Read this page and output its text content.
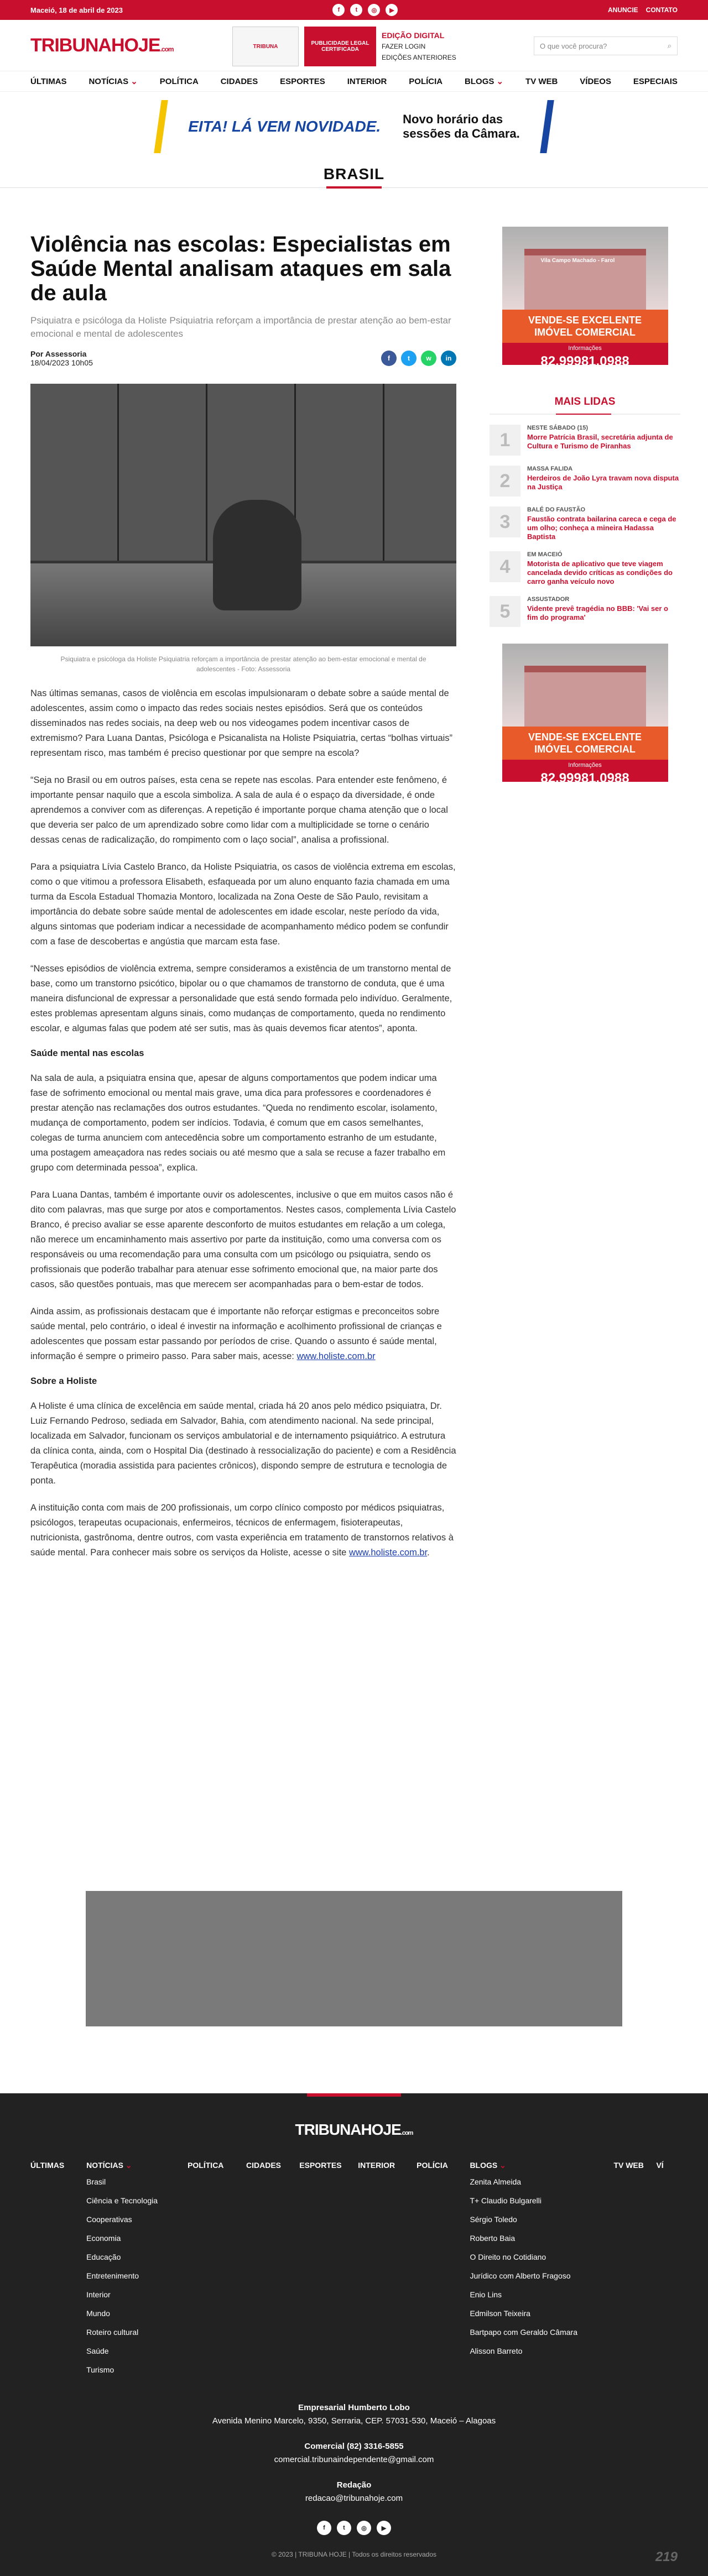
Maceió, 18 de abril de 2023	f	t	◎	▶	ANUNCIE CONTATO
TRIBUNAHOJE.com	TRIBUNA	PUBLICIDADE LEGAL CERTIFICADA
EDIÇÃO DIGITAL
FAZER LOGIN
EDIÇÕES ANTERIORES
O que você procura?	⌕
ÚLTIMAS	NOTÍCIAS ⌄	POLÍTICA	CIDADES	ESPORTES	INTERIOR	POLÍCIA	BLOGS ⌄	TV WEB	VÍDEOS	ESPECIAIS
EITA! LÁ VEM NOVIDADE. Novo horário das
sessões da Câmara.
BRASIL
Violência nas escolas: Especialistas em Saúde Mental analisam ataques em sala de aula
Psiquiatra e psicóloga da Holiste Psiquiatria reforçam a importância de prestar atenção ao bem-estar emocional e mental de adolescentes
Por Assessoria
18/04/2023 10h05	f	t	w	in
Psiquiatra e psicóloga da Holiste Psiquiatria reforçam a importância de prestar atenção ao bem-estar emocional e mental de adolescentes - Foto: Assessoria

Nas últimas semanas, casos de violência em escolas impulsionaram o debate sobre a saúde mental de adolescentes, assim como o impacto das redes sociais nestes episódios. Será que os conteúdos disseminados nas redes sociais, na deep web ou nos videogames podem incentivar casos de extremismo? Para Luana Dantas, Psicóloga e Psicanalista na Holiste Psiquiatria, certas “bolhas virtuais” representam risco, mas também é preciso questionar por que sempre na escola?

“Seja no Brasil ou em outros países, esta cena se repete nas escolas. Para entender este fenômeno, é importante pensar naquilo que a escola simboliza. A sala de aula é o espaço da diversidade, é onde aprendemos a conviver com as diferenças. A repetição é importante porque chama atenção que o local que deveria ser palco de um aprendizado sobre como lidar com a multiplicidade se torne o cenário dessas cenas de radicalização, do rompimento com o laço social”, analisa a profissional.

Para a psiquiatra Lívia Castelo Branco, da Holiste Psiquiatria, os casos de violência extrema em escolas, como o que vitimou a professora Elisabeth, esfaqueada por um aluno enquanto fazia chamada em uma turma da Escola Estadual Thomazia Montoro, localizada na Zona Oeste de São Paulo, revisitam a importância do debate sobre saúde mental de adolescentes em idade escolar, neste período da vida, alguns sintomas que poderiam indicar a necessidade de acompanhamento médico podem se confundir com a fase de descobertas e angústia que marcam esta fase.

“Nesses episódios de violência extrema, sempre consideramos a existência de um transtorno mental de base, como um transtorno psicótico, bipolar ou o que chamamos de transtorno de conduta, que é uma maneira disfuncional de expressar a personalidade que está sendo formada pelo indivíduo. Geralmente, estes problemas apresentam alguns sinais, como mudanças de comportamento, queda no rendimento escolar, e algumas falas que podem até ser sutis, mas às quais devemos ficar atentos”, aponta.

Saúde mental nas escolas

Na sala de aula, a psiquiatra ensina que, apesar de alguns comportamentos que podem indicar uma fase de sofrimento emocional ou mental mais grave, uma dica para professores e coordenadores é prestar atenção nas reclamações dos outros estudantes. “Queda no rendimento escolar, isolamento, mudança de comportamento, podem ser indícios. Todavia, é comum que em casos semelhantes, colegas de turma anunciem com antecedência sobre um comportamento estranho de um estudante, uma postagem ameaçadora nas redes sociais ou até mesmo que a sala se recuse a fazer trabalho em grupo com determinada pessoa”, explica.

Para Luana Dantas, também é importante ouvir os adolescentes, inclusive o que em muitos casos não é dito com palavras, mas que surge por atos e comportamentos. Nestes casos, complementa Lívia Castelo Branco, é preciso avaliar se esse aparente desconforto de muitos estudantes em relação a um colega, não merece um encaminhamento mais assertivo por parte da instituição, como uma conversa com os responsáveis ou uma recomendação para uma consulta com um psicólogo ou psiquiatra, sendo os profissionais que poderão trabalhar para atenuar esse sofrimento emocional que, na maior parte dos casos, são questões pontuais, mas que merecem ser acompanhadas para o bem-estar de todos.

Ainda assim, as profissionais destacam que é importante não reforçar estigmas e preconceitos sobre saúde mental, pelo contrário, o ideal é investir na informação e acolhimento profissional de crianças e adolescentes que possam estar passando por períodos de crise. Quando o assunto é saúde mental, informação é sempre o primeiro passo. Para saber mais, acesse: www.holiste.com.br

Sobre a Holiste

A Holiste é uma clínica de excelência em saúde mental, criada há 20 anos pelo médico psiquiatra, Dr. Luiz Fernando Pedroso, sediada em Salvador, Bahia, com atendimento nacional. Na sede principal, localizada em Salvador, funcionam os serviços ambulatorial e de internamento psiquiátrico. A estrutura da clínica conta, ainda, com o Hospital Dia (destinado à ressocialização do paciente) e com a Residência Terapêutica (moradia assistida para pacientes crônicos), dispondo sempre de estrutura e tecnologia de ponta.

A instituição conta com mais de 200 profissionais, um corpo clínico composto por médicos psiquiatras, psicólogos, terapeutas ocupacionais, enfermeiros, técnicos de enfermagem, fisioterapeutas, nutricionista, gastrônoma, dentre outros, com vasta experiência em tratamento de transtornos relativos à saúde mental. Para conhecer mais sobre os serviços da Holiste, acesse o site www.holiste.com.br.

Vila Campo Machado - Farol
VENDE-SE EXCELENTE
IMÓVEL COMERCIAL
Informações
82.99981.0988
MAIS LIDAS
1
NESTE SÁBADO (15)
Morre Patrícia Brasil, secretária adjunta de Cultura e Turismo de Piranhas
2
MASSA FALIDA
Herdeiros de João Lyra travam nova disputa na Justiça
3
BALÉ DO FAUSTÃO
Faustão contrata bailarina careca e cega de um olho; conheça a mineira Hadassa Baptista
4
EM MACEIÓ
Motorista de aplicativo que teve viagem cancelada devido críticas as condições do carro ganha veículo novo
5
ASSUSTADOR
Vidente prevê tragédia no BBB: 'Vai ser o fim do programa'
VENDE-SE EXCELENTE
IMÓVEL COMERCIAL
Informações
82.99981.0988
TRIBUNAHOJE.com
ÚLTIMAS	NOTÍCIAS ⌄
Brasil
Ciência e Tecnologia
Cooperativas
Economia
Educação
Entretenimento
Interior
Mundo
Roteiro cultural
Saúde
Turismo
POLÍTICA	CIDADES	ESPORTES	INTERIOR	POLÍCIA	BLOGS ⌄
Zenita Almeida
T+ Claudio Bulgarelli
Sérgio Toledo
Roberto Baia
O Direito no Cotidiano
Jurídico com Alberto Fragoso
Enio Lins
Edmilson Teixeira
Bartpapo com Geraldo Câmara
Alisson Barreto
TV WEB	VÍ
Empresarial Humberto Lobo
Avenida Menino Marcelo, 9350, Serraria, CEP. 57031-530, Maceió – Alagoas
Comercial (82) 3316-5855
comercial.tribunaindependente@gmail.com
Redação
redacao@tribunahoje.com
f	t	◎	▶
© 2023 | TRIBUNA HOJE | Todos os direitos reservados	219
